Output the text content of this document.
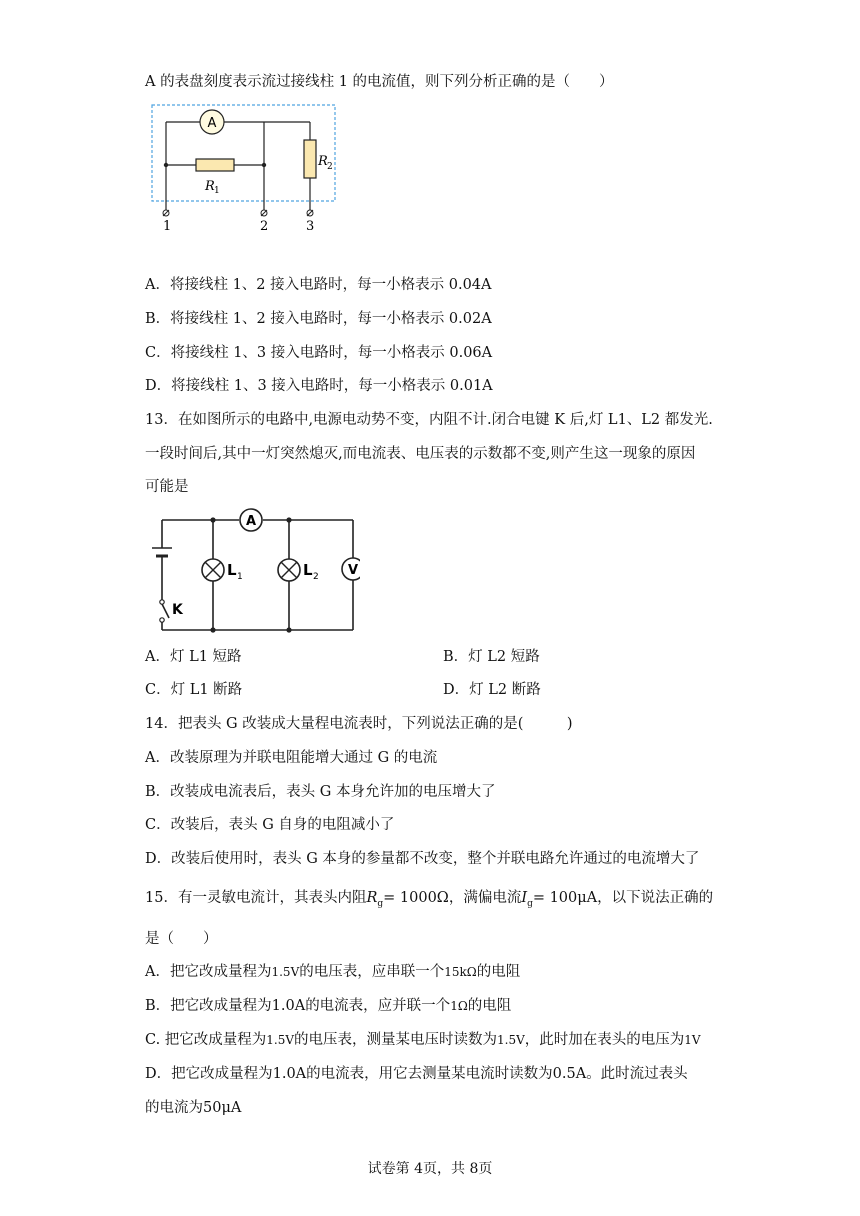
A 的表盘刻度表示流过接线柱 1 的电流值，则下列分析正确的是（　　）
A
R 1
R 2
1	2	3
A．将接线柱 1、2 接入电路时，每一小格表示 0.04A
B．将接线柱 1、2 接入电路时，每一小格表示 0.02A
C．将接线柱 1、3 接入电路时，每一小格表示 0.06A
D．将接线柱 1、3 接入电路时，每一小格表示 0.01A
13．在如图所示的电路中,电源电动势不变，内阻不计.闭合电键 K 后,灯 L1、L2 都发光.
一段时间后,其中一灯突然熄灭,而电流表、电压表的示数都不变,则产生这一现象的原因
可能是
K
A
L 1	L 2 V
A．灯 L1 短路	B．灯 L2 短路
C．灯 L1 断路	D．灯 L2 断路
14．把表头 G 改装成大量程电流表时，下列说法正确的是(　　　)
A．改装原理为并联电阻能增大通过 G 的电流
B．改装成电流表后，表头 G 本身允许加的电压增大了
C．改装后，表头 G 自身的电阻减小了
D．改装后使用时，表头 G 本身的参量都不改变，整个并联电路允许通过的电流增大了
15．有一灵敏电流计，其表头内阻$R_g= 1000\Omega$，满偏电流$I_g= 100\mu A$，以下说法正确的
是（　　）
A．把它改成量程为1.5V的电压表，应串联一个15kΩ的电阻
B．把它改成量程为1.0A的电流表，应并联一个1Ω的电阻
C. 把它改成量程为1.5V的电压表，测量某电压时读数为1.5V，此时加在表头的电压为1V
D．把它改成量程为1.0A的电流表，用它去测量某电流时读数为0.5A。此时流过表头
的电流为50μA
试卷第 4页，共 8页
